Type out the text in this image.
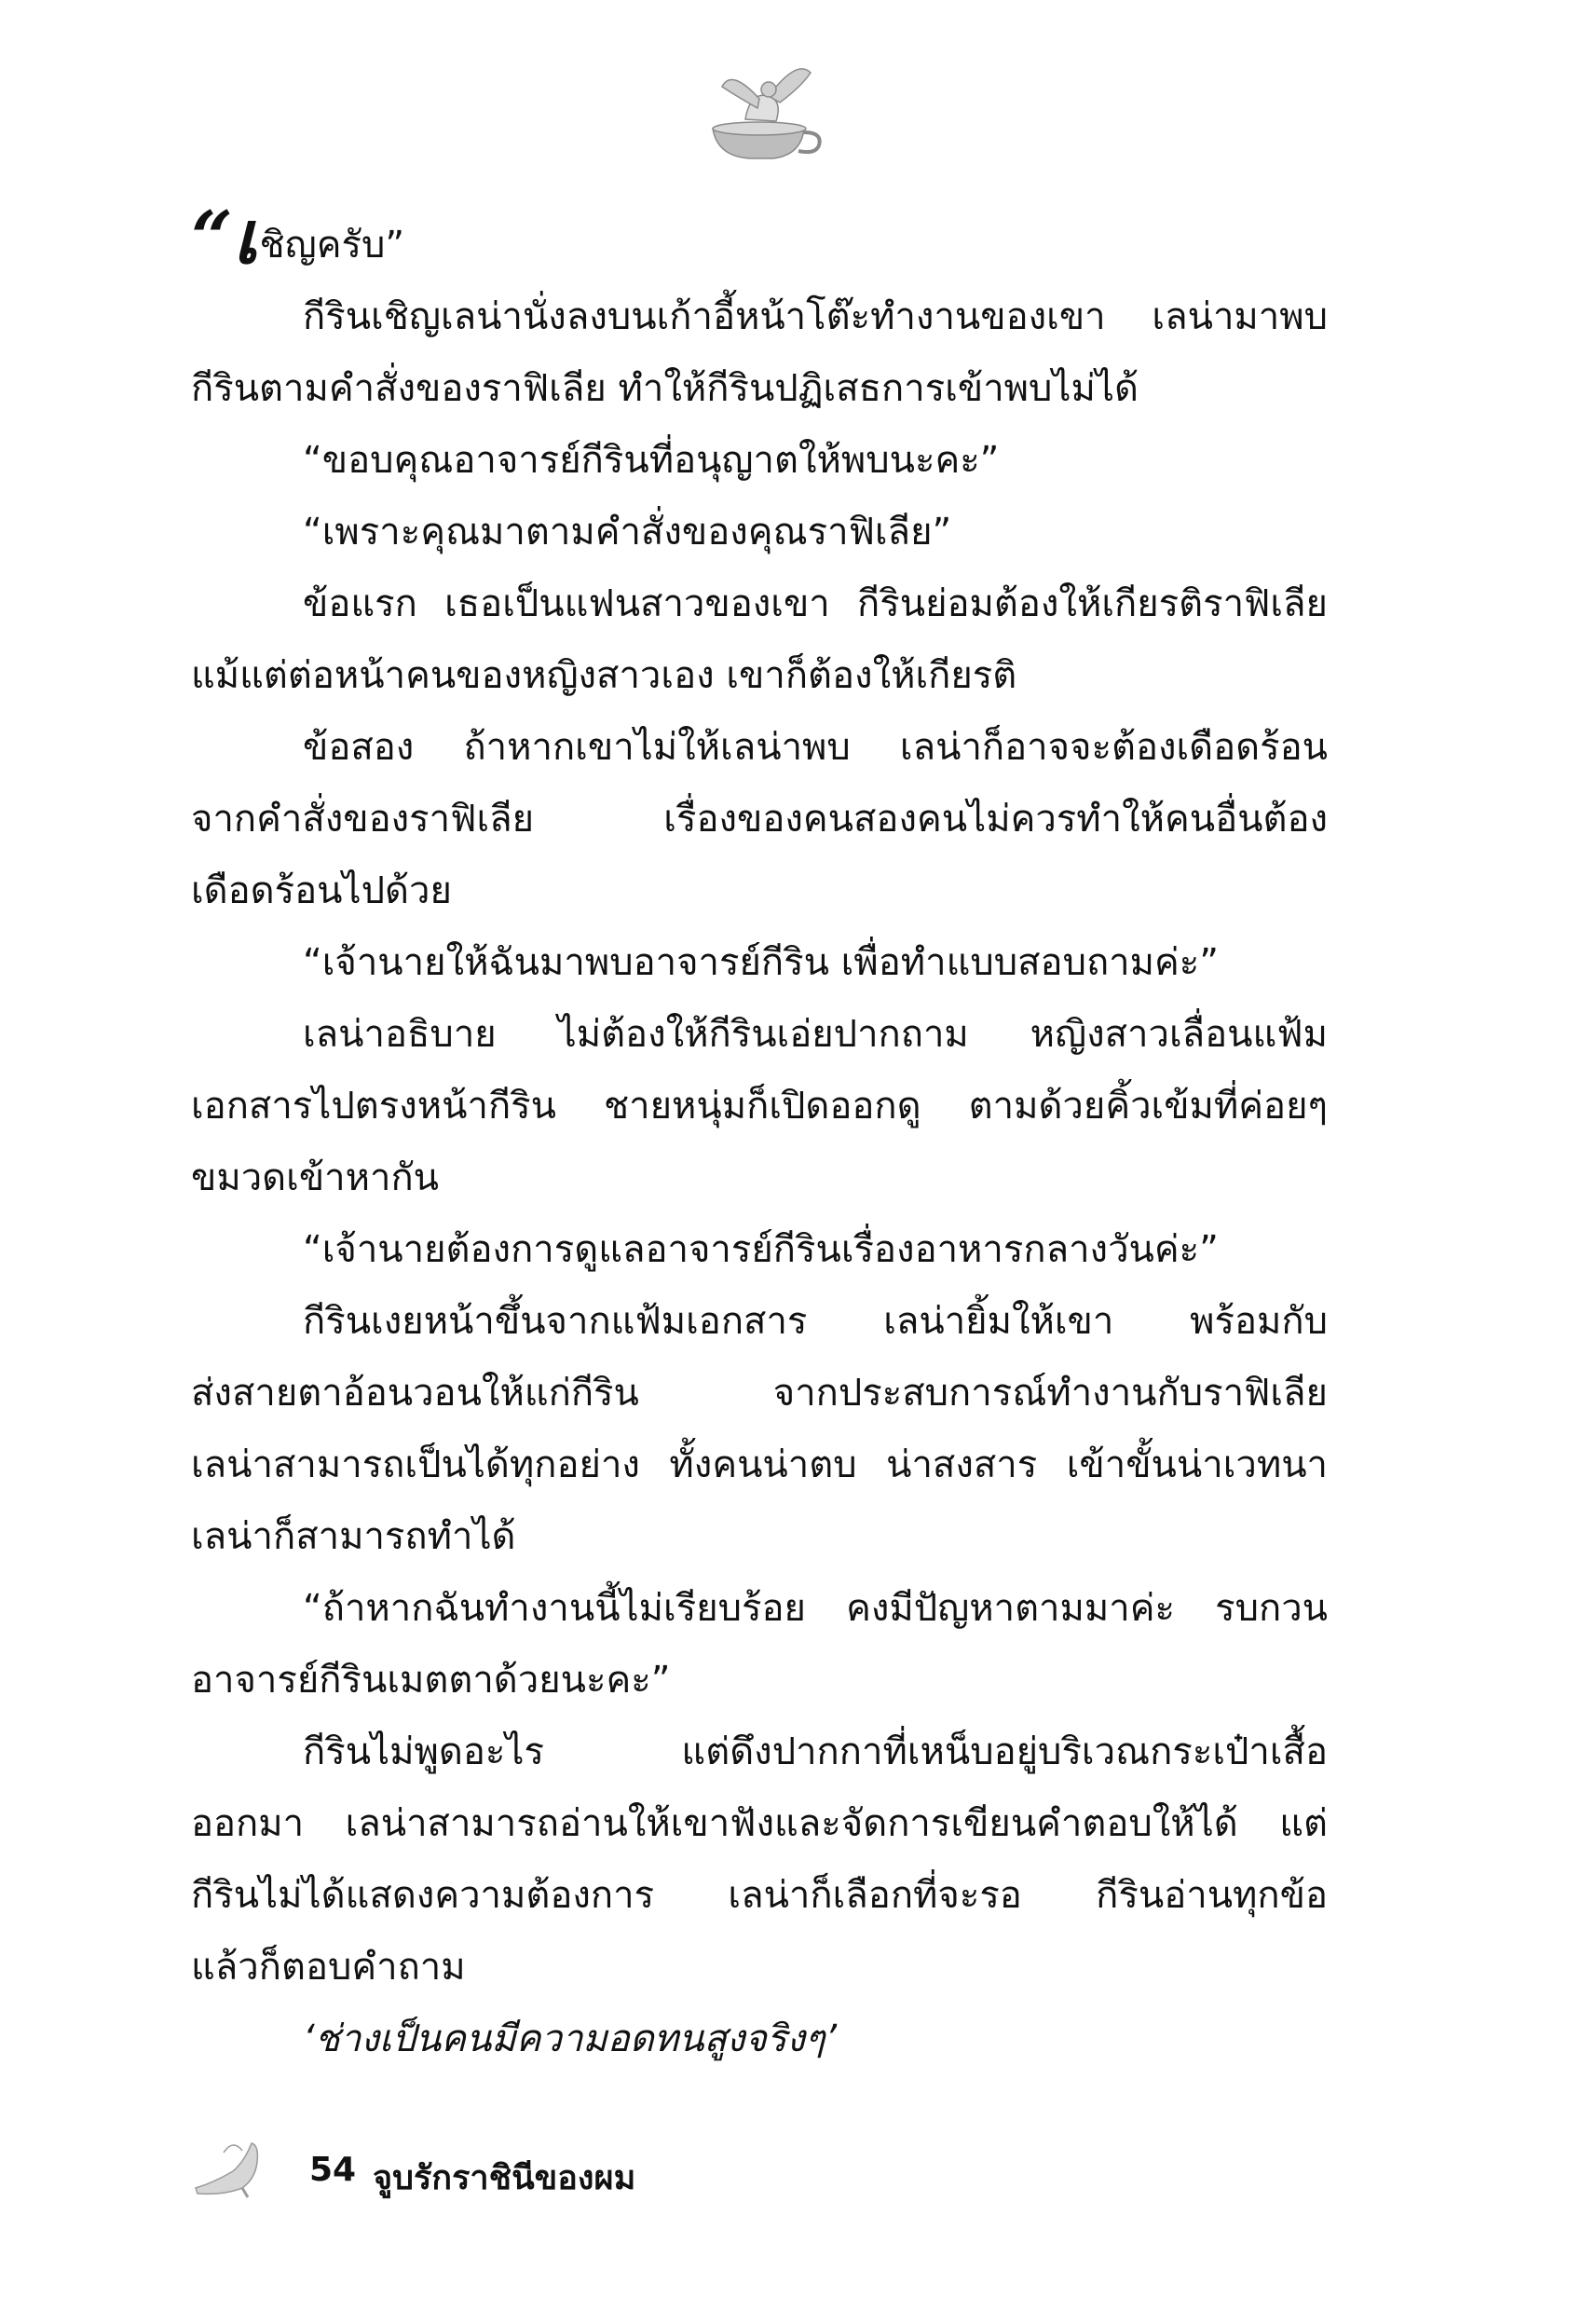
“เชิญครับ”
กีรินเชิญเลน่านั่งลงบนเก้าอี้หน้าโต๊ะทำงานของเขา เลน่ามาพบ
กีรินตามคำสั่งของราฟิเลีย ทำให้กีรินปฏิเสธการเข้าพบไม่ได้
“ขอบคุณอาจารย์กีรินที่อนุญาตให้พบนะคะ”
“เพราะคุณมาตามคำสั่งของคุณราฟิเลีย”
ข้อแรก เธอเป็นแฟนสาวของเขา กีรินย่อมต้องให้เกียรติราฟิเลีย
แม้แต่ต่อหน้าคนของหญิงสาวเอง เขาก็ต้องให้เกียรติ
ข้อสอง ถ้าหากเขาไม่ให้เลน่าพบ เลน่าก็อาจจะต้องเดือดร้อน
จากคำสั่งของราฟิเลีย เรื่องของคนสองคนไม่ควรทำให้คนอื่นต้อง
เดือดร้อนไปด้วย
“เจ้านายให้ฉันมาพบอาจารย์กีริน เพื่อทำแบบสอบถามค่ะ”
เลน่าอธิบาย ไม่ต้องให้กีรินเอ่ยปากถาม หญิงสาวเลื่อนแฟ้ม
เอกสารไปตรงหน้ากีริน ชายหนุ่มก็เปิดออกดู ตามด้วยคิ้วเข้มที่ค่อยๆ
ขมวดเข้าหากัน
“เจ้านายต้องการดูแลอาจารย์กีรินเรื่องอาหารกลางวันค่ะ”
กีรินเงยหน้าขึ้นจากแฟ้มเอกสาร เลน่ายิ้มให้เขา พร้อมกับ
ส่งสายตาอ้อนวอนให้แก่กีริน จากประสบการณ์ทำงานกับราฟิเลีย
เลน่าสามารถเป็นได้ทุกอย่าง ทั้งคนน่าตบ น่าสงสาร เข้าขั้นน่าเวทนา
เลน่าก็สามารถทำได้
“ถ้าหากฉันทำงานนี้ไม่เรียบร้อย คงมีปัญหาตามมาค่ะ รบกวน
อาจารย์กีรินเมตตาด้วยนะคะ”
กีรินไม่พูดอะไร แต่ดึงปากกาที่เหน็บอยู่บริเวณกระเป๋าเสื้อ
ออกมา เลน่าสามารถอ่านให้เขาฟังและจัดการเขียนคำตอบให้ได้ แต่
กีรินไม่ได้แสดงความต้องการ เลน่าก็เลือกที่จะรอ กีรินอ่านทุกข้อ
แล้วก็ตอบคำถาม
‘ช่างเป็นคนมีความอดทนสูงจริงๆ’
54 จูบรักราชินีของผม
